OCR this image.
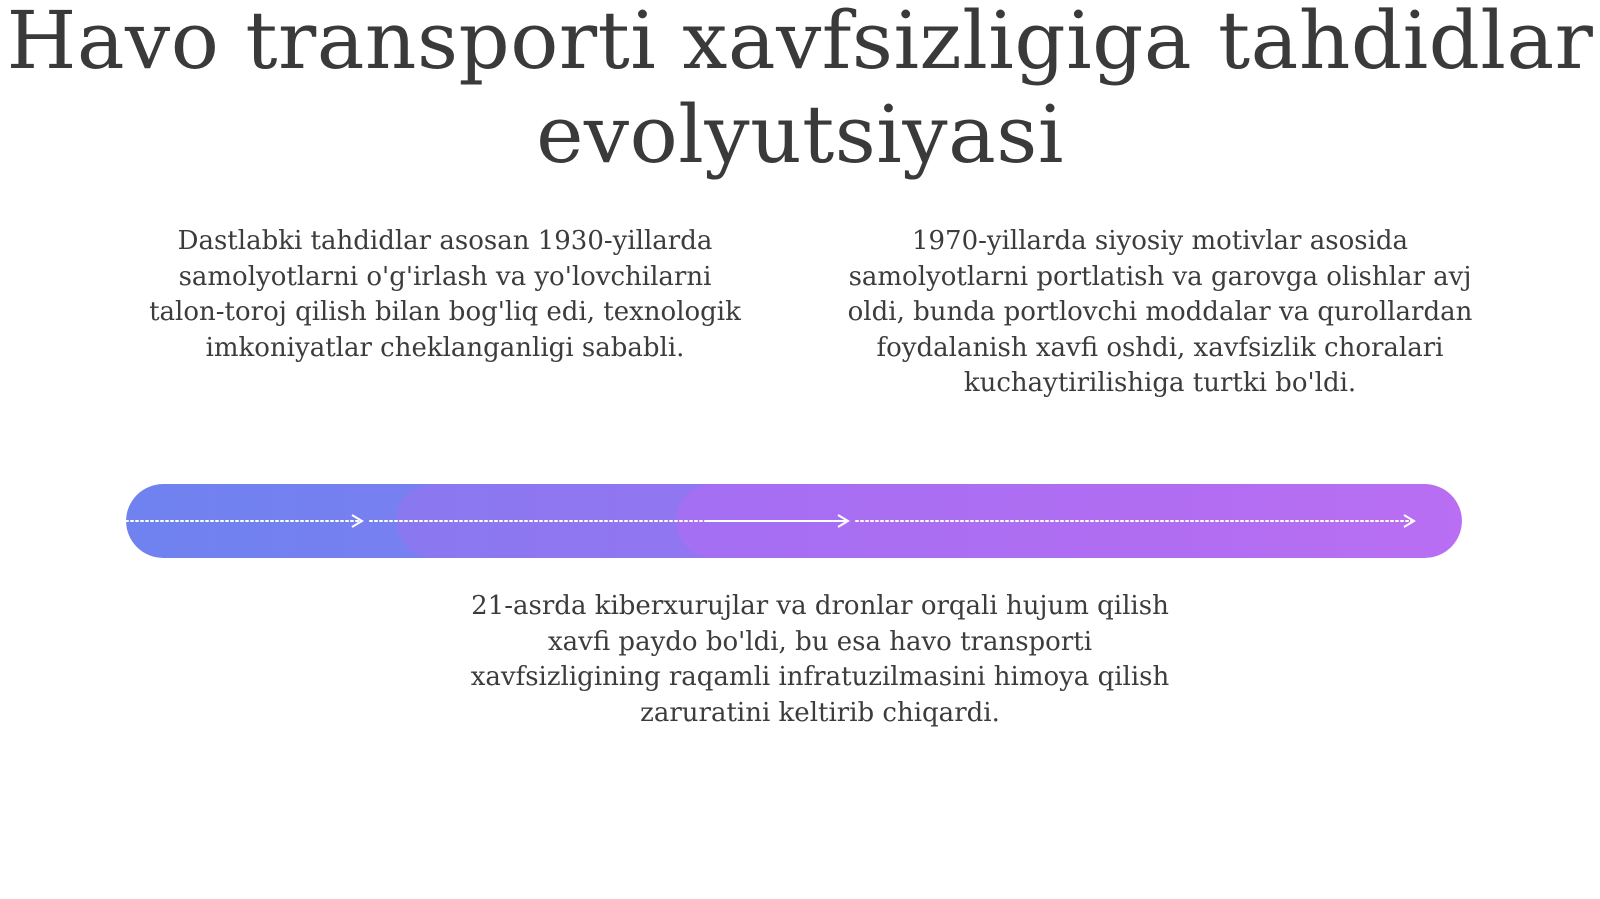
Havo transporti xavfsizligiga tahdidlar evolyutsiyasi

Dastlabki tahdidlar asosan 1930-yillarda samolyotlarni o'g'irlash va yo'lovchilarni talon-toroj qilish bilan bog'liq edi, texnologik imkoniyatlar cheklanganligi sababli.

1970-yillarda siyosiy motivlar asosida samolyotlarni portlatish va garovga olishlar avj oldi, bunda portlovchi moddalar va qurollardan foydalanish xavfi oshdi, xavfsizlik choralari kuchaytirilishiga turtki bo'ldi.

21-asrda kiberxurujlar va dronlar orqali hujum qilish xavfi paydo bo'ldi, bu esa havo transporti xavfsizligining raqamli infratuzilmasini himoya qilish zaruratini keltirib chiqardi.
